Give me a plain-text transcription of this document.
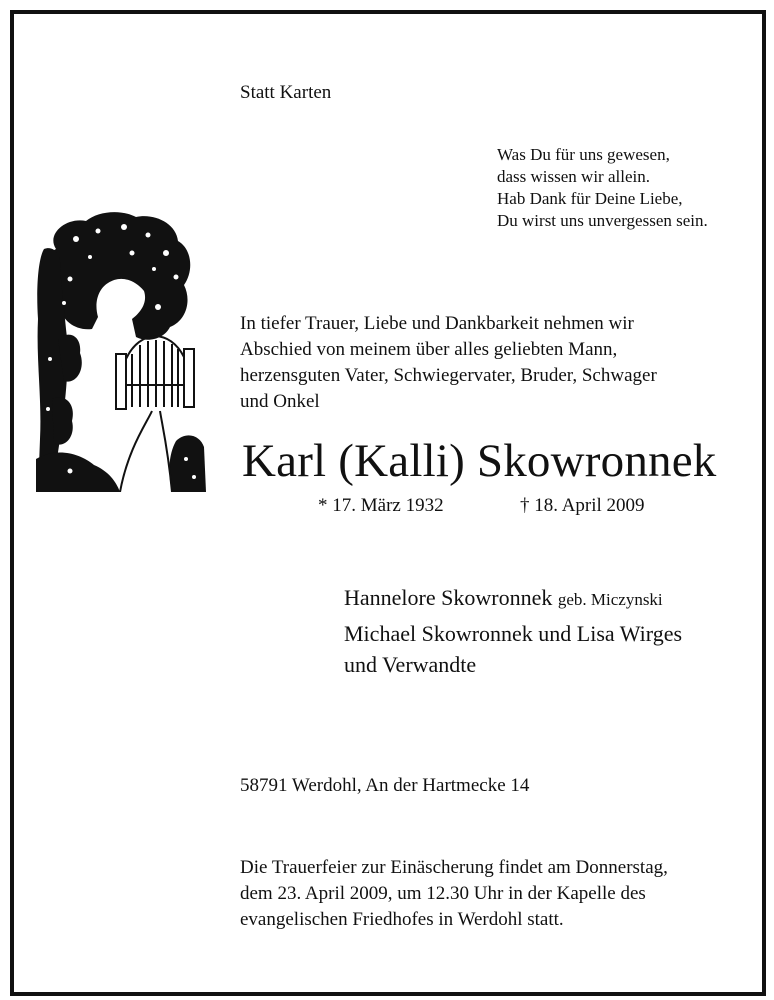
Statt Karten
Was Du für uns gewesen,
dass wissen wir allein.
Hab Dank für Deine Liebe,
Du wirst uns unvergessen sein.
In tiefer Trauer, Liebe und Dankbarkeit nehmen wir
Abschied von meinem über alles geliebten Mann,
herzensguten Vater, Schwiegervater, Bruder, Schwager
und Onkel
Karl (Kalli) Skowronnek
* 17. März 1932	† 18. April 2009
Hannelore Skowronnek geb. Miczynski
Michael Skowronnek und Lisa Wirges
und Verwandte
58791 Werdohl, An der Hartmecke 14
Die Trauerfeier zur Einäscherung findet am Donnerstag,
dem 23. April 2009, um 12.30 Uhr in der Kapelle des
evangelischen Friedhofes in Werdohl statt.
